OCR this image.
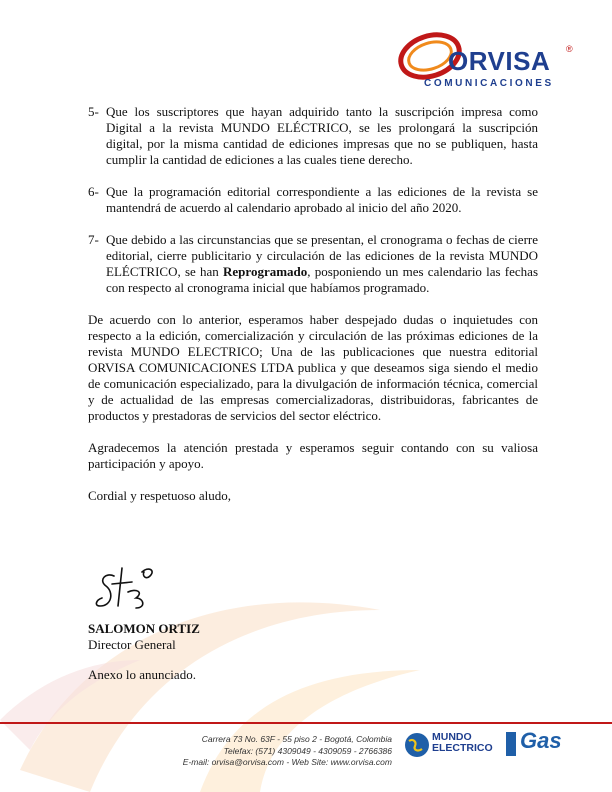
ORVISA ®
COMUNICACIONES
5- Que los suscriptores que hayan adquirido tanto la suscripción impresa como Digital a la revista MUNDO ELÉCTRICO, se les prolongará la suscripción digital, por la misma cantidad de ediciones impresas que no se publiquen, hasta cumplir la cantidad de ediciones a las cuales tiene derecho.
6- Que la programación editorial correspondiente a las ediciones de la revista se mantendrá de acuerdo al calendario aprobado al inicio del año 2020.
7- Que debido a las circunstancias que se presentan, el cronograma o fechas de cierre editorial, cierre publicitario y circulación de las ediciones de la revista MUNDO ELÉCTRICO, se han Reprogramado, posponiendo un mes calendario las fechas con respecto al cronograma inicial que habíamos programado.
De acuerdo con lo anterior, esperamos haber despejado dudas o inquietudes con respecto a la edición, comercialización y circulación de las próximas ediciones de la revista MUNDO ELECTRICO; Una de las publicaciones que nuestra editorial ORVISA COMUNICACIONES LTDA publica y que deseamos siga siendo el medio de comunicación especializado, para la divulgación de información técnica, comercial y de actualidad de las empresas comercializadoras, distribuidoras, fabricantes de productos y prestadoras de servicios del sector eléctrico.
Agradecemos la atención prestada y esperamos seguir contando con su valiosa participación y apoyo.
Cordial y respetuoso aludo,
SALOMON ORTIZ
Director General
Anexo lo anunciado.
Carrera 73 No. 63F - 55 piso 2 - Bogotá, Colombia
Telefax: (571) 4309049 - 4309059 - 2766386
E-mail: orvisa@orvisa.com - Web Site: www.orvisa.com
MUNDO
ELECTRICO Gas
